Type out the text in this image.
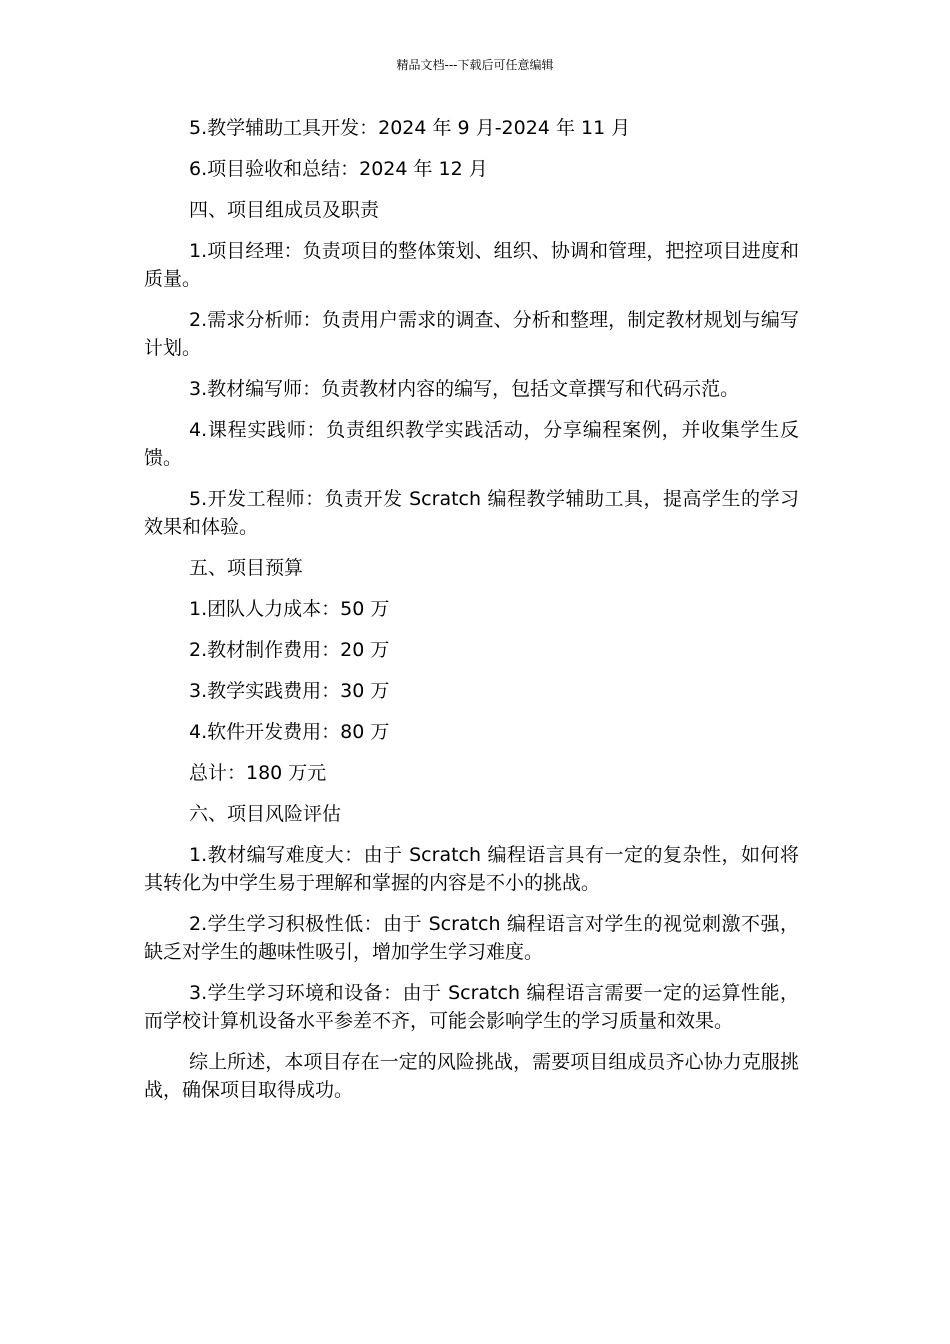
精品文档---下载后可任意编辑

5.教学辅助工具开发：2024 年 9 月-2024 年 11 月

6.项目验收和总结：2024 年 12 月

四、项目组成员及职责

1.项目经理：负责项目的整体策划、组织、协调和管理，把控项目进度和质量。

2.需求分析师：负责用户需求的调查、分析和整理，制定教材规划与编写计划。

3.教材编写师：负责教材内容的编写，包括文章撰写和代码示范。

4.课程实践师：负责组织教学实践活动，分享编程案例，并收集学生反馈。

5.开发工程师：负责开发 Scratch 编程教学辅助工具，提高学生的学习效果和体验。

五、项目预算

1.团队人力成本：50 万

2.教材制作费用：20 万

3.教学实践费用：30 万

4.软件开发费用：80 万

总计：180 万元

六、项目风险评估

1.教材编写难度大：由于 Scratch 编程语言具有一定的复杂性，如何将其转化为中学生易于理解和掌握的内容是不小的挑战。

2.学生学习积极性低：由于 Scratch 编程语言对学生的视觉刺激不强，缺乏对学生的趣味性吸引，增加学生学习难度。

3.学生学习环境和设备：由于 Scratch 编程语言需要一定的运算性能，而学校计算机设备水平参差不齐，可能会影响学生的学习质量和效果。

综上所述，本项目存在一定的风险挑战，需要项目组成员齐心协力克服挑战，确保项目取得成功。
